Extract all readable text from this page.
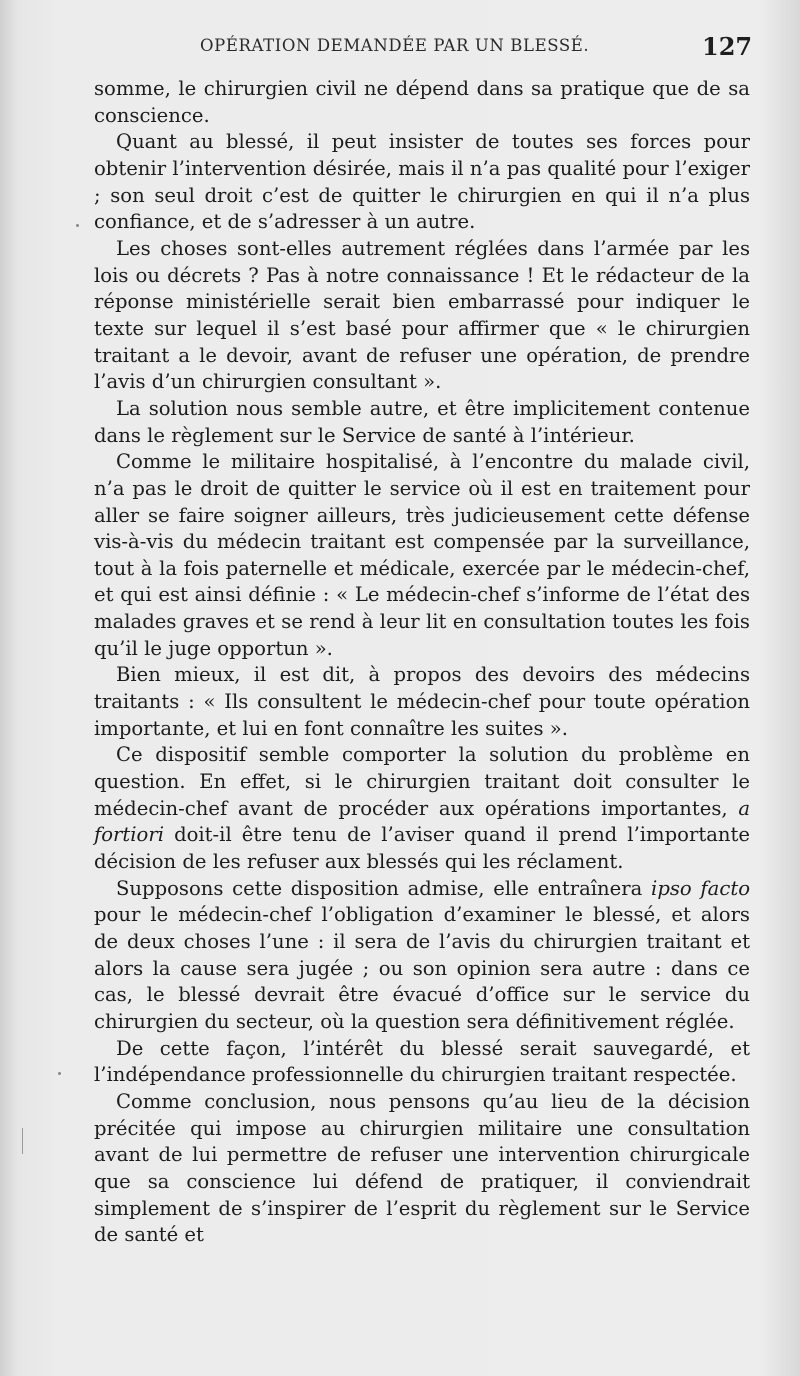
OPÉRATION DEMANDÉE PAR UN BLESSÉ.	127

somme, le chirurgien civil ne dépend dans sa pratique que de sa conscience.

Quant au blessé, il peut insister de toutes ses forces pour obtenir l’intervention désirée, mais il n’a pas qualité pour l’exiger ; son seul droit c’est de quitter le chirurgien en qui il n’a plus confiance, et de s’adresser à un autre.

Les choses sont-elles autrement réglées dans l’armée par les lois ou décrets ? Pas à notre connaissance ! Et le rédacteur de la réponse ministérielle serait bien embarrassé pour indiquer le texte sur lequel il s’est basé pour affirmer que « le chirurgien traitant a le devoir, avant de refuser une opération, de prendre l’avis d’un chirurgien consultant ».

La solution nous semble autre, et être implicitement contenue dans le règlement sur le Service de santé à l’intérieur.

Comme le militaire hospitalisé, à l’encontre du malade civil, n’a pas le droit de quitter le service où il est en traitement pour aller se faire soigner ailleurs, très judicieusement cette défense vis-à-vis du médecin traitant est compensée par la surveillance, tout à la fois paternelle et médicale, exercée par le médecin-chef, et qui est ainsi définie : « Le médecin-chef s’informe de l’état des malades graves et se rend à leur lit en consultation toutes les fois qu’il le juge opportun ».

Bien mieux, il est dit, à propos des devoirs des médecins traitants : « Ils consultent le médecin-chef pour toute opération importante, et lui en font connaître les suites ».

Ce dispositif semble comporter la solution du problème en question. En effet, si le chirurgien traitant doit consulter le médecin-chef avant de procéder aux opérations importantes, a fortiori doit-il être tenu de l’aviser quand il prend l’importante décision de les refuser aux blessés qui les réclament.

Supposons cette disposition admise, elle entraînera ipso facto pour le médecin-chef l’obligation d’examiner le blessé, et alors de deux choses l’une : il sera de l’avis du chirurgien traitant et alors la cause sera jugée ; ou son opinion sera autre : dans ce cas, le blessé devrait être évacué d’office sur le service du chirurgien du secteur, où la question sera définitivement réglée.

De cette façon, l’intérêt du blessé serait sauvegardé, et l’indépendance professionnelle du chirurgien traitant respectée.

Comme conclusion, nous pensons qu’au lieu de la décision précitée qui impose au chirurgien militaire une consultation avant de lui permettre de refuser une intervention chirurgicale que sa conscience lui défend de pratiquer, il conviendrait simplement de s’inspirer de l’esprit du règlement sur le Service de santé et
